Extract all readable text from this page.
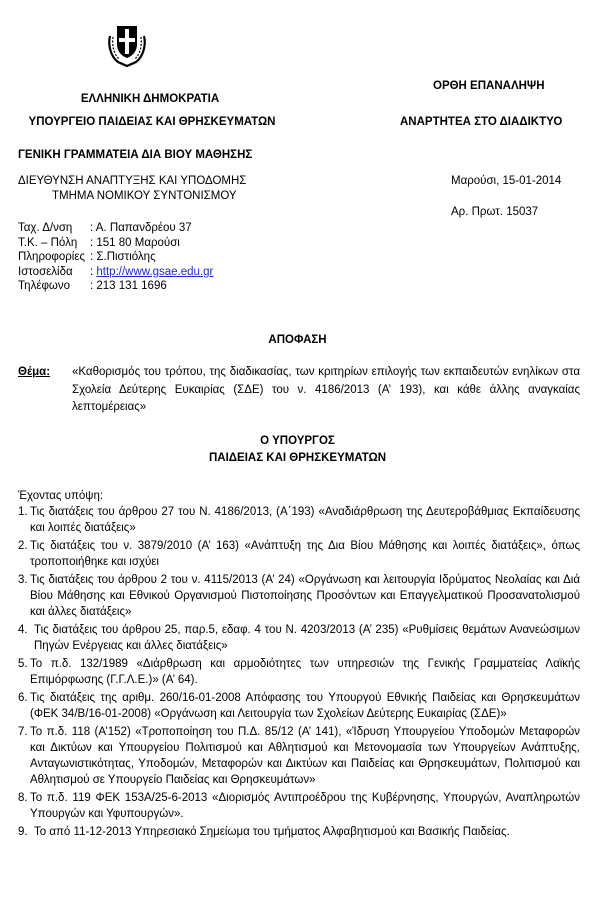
ΕΛΛΗΝΙΚΗ ΔΗΜΟΚΡΑΤΙΑ
ΥΠΟΥΡΓΕΙΟ ΠΑΙΔΕΙΑΣ ΚΑΙ ΘΡΗΣΚΕΥΜΑΤΩΝ
ΟΡΘΗ ΕΠΑΝΑΛΗΨΗ
ΑΝΑΡΤΗΤΕΑ ΣΤΟ ΔΙΑΔΙΚΤΥΟ
ΓΕΝΙΚΗ ΓΡΑΜΜΑΤΕΙΑ ΔΙΑ ΒΙΟΥ ΜΑΘΗΣΗΣ
ΔΙΕΥΘΥΝΣΗ ΑΝΑΠΤΥΞΗΣ ΚΑΙ ΥΠΟΔΟΜΗΣ
ΤΜΗΜΑ ΝΟΜΙΚΟΥ ΣΥΝΤΟΝΙΣΜΟΥ
Μαρούσι, 15-01-2014
Αρ. Πρωτ. 15037
Ταχ. Δ/νση	: Α. Παπανδρέου 37
Τ.Κ. – Πόλη	: 151 80 Μαρούσι
Πληροφορίες : Σ.Πιστιόλης
Ιστοσελίδα	: http://www.gsae.edu.gr
Τηλέφωνο	: 213 131 1696
ΑΠΟΦΑΣΗ
Θέμα: «Καθορισμός του τρόπου, της διαδικασίας, των κριτηρίων επιλογής των εκπαιδευτών ενηλίκων στα Σχολεία Δεύτερης Ευκαιρίας (ΣΔΕ) του ν. 4186/2013 (Α’ 193), και κάθε άλλης αναγκαίας λεπτομέρειας»
Ο ΥΠΟΥΡΓΟΣ
ΠΑΙΔΕΙΑΣ ΚΑΙ ΘΡΗΣΚΕΥΜΑΤΩΝ
Έχοντας υπόψη:
1. Τις διατάξεις του άρθρου 27 του Ν. 4186/2013, (Α΄193) «Αναδιάρθρωση της Δευτεροβάθμιας Εκπαίδευσης και λοιπές διατάξεις»
2. Τις διατάξεις του ν. 3879/2010 (Α’ 163) «Ανάπτυξη της Δια Βίου Μάθησης και λοιπές διατάξεις», όπως τροποποιήθηκε και ισχύει
3. Τις διατάξεις του άρθρου 2 του ν. 4115/2013 (Α’ 24) «Οργάνωση και λειτουργία Ιδρύματος Νεολαίας και Διά Βίου Μάθησης και Εθνικού Οργανισμού Πιστοποίησης Προσόντων και Επαγγελματικού Προσανατολισμού και άλλες διατάξεις»
4. Τις διατάξεις του άρθρου 25, παρ.5, εδαφ. 4 του Ν. 4203/2013 (Α’ 235) «Ρυθμίσεις θεμάτων Ανανεώσιμων Πηγών Ενέργειας και άλλες διατάξεις»
5. Το π.δ. 132/1989 «Διάρθρωση και αρμοδιότητες των υπηρεσιών της Γενικής Γραμματείας Λαϊκής Επιμόρφωσης (Γ.Γ.Λ.Ε.)» (Α’ 64).
6. Τις διατάξεις της αριθμ. 260/16-01-2008 Απόφασης του Υπουργού Εθνικής Παιδείας και Θρησκευμάτων (ΦΕΚ 34/Β/16-01-2008) «Οργάνωση και Λειτουργία των Σχολείων Δεύτερης Ευκαιρίας (ΣΔΕ)»
7. Το π.δ. 118 (Α’152) «Τροποποίηση του Π.Δ. 85/12 (Α’ 141), «Ίδρυση Υπουργείου Υποδομών Μεταφορών και Δικτύων και Υπουργείου Πολιτισμού και Αθλητισμού και Μετονομασία των Υπουργείων Ανάπτυξης, Ανταγωνιστικότητας, Υποδομών, Μεταφορών και Δικτύων και Παιδείας και Θρησκευμάτων, Πολιτισμού και Αθλητισμού σε Υπουργείο Παιδείας και Θρησκευμάτων»
8. Το π.δ. 119 ΦΕΚ 153Α/25-6-2013 «Διορισμός Αντιπροέδρου της Κυβέρνησης, Υπουργών, Αναπληρωτών Υπουργών και Υφυπουργών».
9. Το από 11-12-2013 Υπηρεσιακό Σημείωμα του τμήματος Αλφαβητισμού και Βασικής Παιδείας.
